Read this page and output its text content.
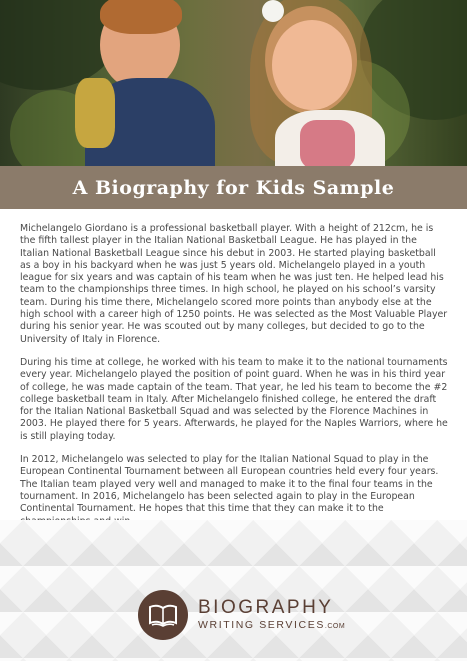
A Biography for Kids Sample

Michelangelo Giordano is a professional basketball player. With a height of 212cm, he is the fifth tallest player in the Italian National Basketball League. He has played in the Italian National Basketball League since his debut in 2003. He started playing basketball as a boy in his backyard when he was just 5 years old. Michelangelo played in a youth league for six years and was captain of his team when he was just ten. He helped lead his team to the championships three times. In high school, he played on his school’s varsity team. During his time there, Michelangelo scored more points than anybody else at the high school with a career high of 1250 points. He was selected as the Most Valuable Player during his senior year. He was scouted out by many colleges, but decided to go to the University of Italy in Florence.

During his time at college, he worked with his team to make it to the national tournaments every year. Michelangelo played the position of point guard. When he was in his third year of college, he was made captain of the team. That year, he led his team to become the #2 college basketball team in Italy. After Michelangelo finished college, he entered the draft for the Italian National Basketball Squad and was selected by the Florence Machines in 2003. He played there for 5 years. Afterwards, he played for the Naples Warriors, where he is still playing today.

In 2012, Michelangelo was selected to play for the Italian National Squad to play in the European Continental Tournament between all European countries held every four years. The Italian team played very well and managed to make it to the final four teams in the tournament. In 2016, Michelangelo has been selected again to play in the European Continental Tournament. He hopes that this time that they can make it to the

BIOGRAPHY
WRITING SERVICES.COM
